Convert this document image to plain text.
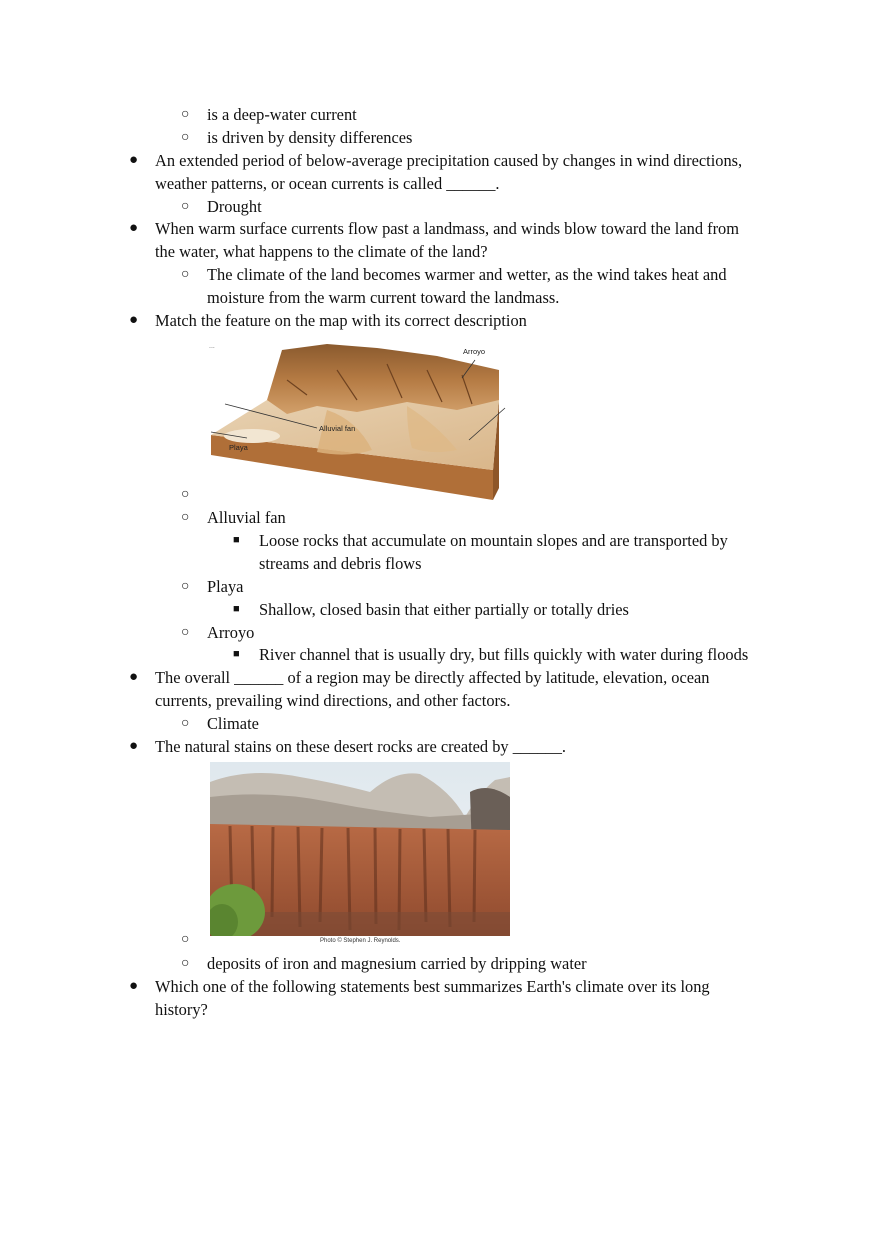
○ is a deep-water current
○ is driven by density differences
● An extended period of below-average precipitation caused by changes in wind directions,
weather patterns, or ocean currents is called ______.
○ Drought
● When warm surface currents flow past a landmass, and winds blow toward the land from
the water, what happens to the climate of the land?
○ The climate of the land becomes warmer and wetter, as the wind takes heat and
moisture from the warm current toward the landmass.
● Match the feature on the map with its correct description
Arroyo
Alluvial fan
Playa
...
○
○ Alluvial fan
■ Loose rocks that accumulate on mountain slopes and are transported by
streams and debris flows
○ Playa
■ Shallow, closed basin that either partially or totally dries
○ Arroyo
■ River channel that is usually dry, but fills quickly with water during floods
● The overall ______ of a region may be directly affected by latitude, elevation, ocean
currents, prevailing wind directions, and other factors.
○ Climate
● The natural stains on these desert rocks are created by ______.
Photo © Stephen J. Reynolds.
○
○ deposits of iron and magnesium carried by dripping water
● Which one of the following statements best summarizes Earth's climate over its long
history?
